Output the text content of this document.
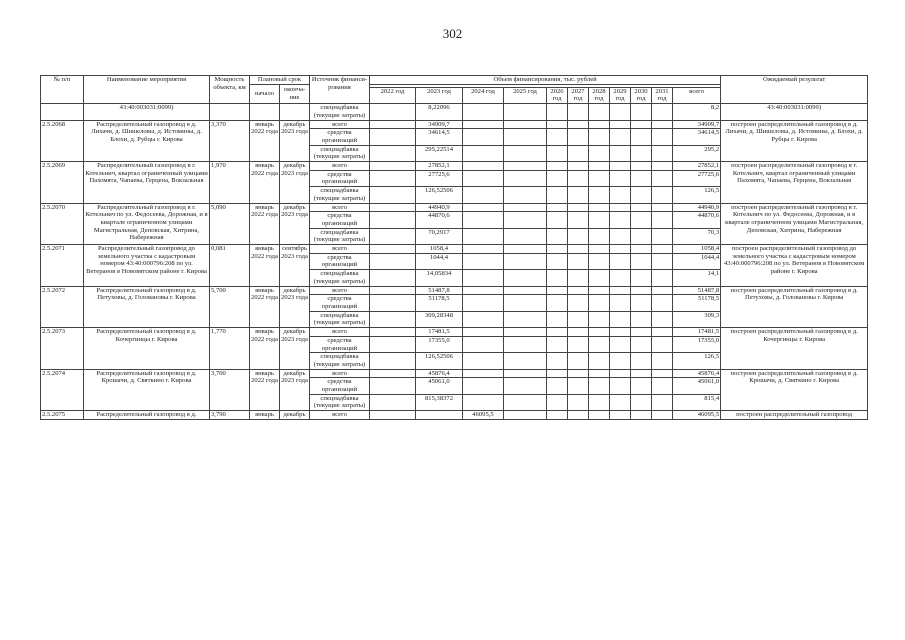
302
№ п/п	Наименование мероприятия	Мощность объекта, км	Плановый срок		Источник финанси-рования	Объем финансирования, тыс. рублей											Ожидаемый результат
			начало	оконча-ние													
						2022 год	2023 год	2024 год	2025 год	2026 год	2027 год	2028 год	2029 год	2030 год	2031 год	всего	
	43:40:003031:0099)				спецнадбавка (текущие затраты)		8,22096									8,2	43:40:003031:0099)
2.5.2068	Распределительный газопровод в д. Лихачи, д. Шишеловы, д. Истомины, д. Блохи, д. Рубцы г. Кирова	3,370	январь 2022 года	декабрь 2023 года	всего		34909,7									34909,7	построен распределительный газопровод в д. Лихачи, д. Шишеловы, д. Истомины, д. Блохи, д. Рубцы г. Кирова
					средства организаций		34614,5									34614,5	
					спецнадбавка (текущие затраты)		295,22514									295,2	
2.5.2069	Распределительный газопровод в г. Котельнич, квартал ограниченный улицами Пахомята, Чапаева, Герцена, Вокзальная	1,970	январь 2022 года	декабрь 2023 года	всего		27852,1									27852,1	построен распределительный газопровод в г. Котельнич, квартал ограниченный улицами Пахомята, Чапаева, Герцена, Вокзальная
					средства организаций		27725,6									27725,6	
					спецнадбавка (текущие затраты)		126,52506									126,5	
2.5.2070	Распределительный газопровод в г. Котельнич по ул. Федосеева, Дорожная, и в квартале ограниченном улицами Магистральная, Деповская, Хитрина, Набережная	5,090	январь 2022 года	декабрь 2023 года	всего		44940,9									44940,9	построен распределительный газопровод в г. Котельнич по ул. Федосеева, Дорожная, и в квартале ограниченном улицами Магистральная, Деповская, Хитрина, Набережная
					средства организаций		44870,6									44870,6	
					спецнадбавка (текущие затраты)		70,2917									70,3	
2.5.2071	Распределительный газопровод до земельного участка с кадастровым номером 43:40:000796:208 по ул. Ветеранов в Нововятском районе г. Кирова	0,081	январь 2022 года	сентябрь 2023 года	всего		1058,4									1058,4	построен распределительный газопровод до земельного участка с кадастровым номером 43:40:000796:208 по ул. Ветеранов в Нововятском районе г. Кирова
					средства организаций		1044,4									1044,4	
					спецнадбавка (текущие затраты)		14,05834									14,1	
2.5.2072	Распределительный газопровод в д. Петуховы, д. Головановы г. Кирова	5,700	январь 2022 года	декабрь 2023 года	всего		51487,8									51487,8	построен распределительный газопровод в д. Петуховы, д. Головановы г. Кирова
					средства организаций		51178,5									51178,5	
					спецнадбавка (текущие затраты)		309,28348									309,3	
2.5.2073	Распределительный газопровод в д. Кочергинцы г. Кирова	1,770	январь 2022 года	декабрь 2023 года	всего		17481,5									17481,5	построен распределительный газопровод в д. Кочергинцы г. Кирова
					средства организаций		17355,0									17355,0	
					спецнадбавка (текущие затраты)		126,52506									126,5	
2.5.2074	Распределительный газопровод в д. Крошачи, д. Святкино г. Кирова	3,700	январь 2022 года	декабрь 2023 года	всего		45876,4									45876,4	построен распределительный газопровод в д. Крошачи, д. Святкино г. Кирова
					средства организаций		45061,0									45061,0	
					спецнадбавка (текущие затраты)		815,38372									815,4	
2.5.2075	Распределительный газопровод в д.	3,790	январь	декабрь	всего			46095,5								46095,5	построен распределительный газопровод
